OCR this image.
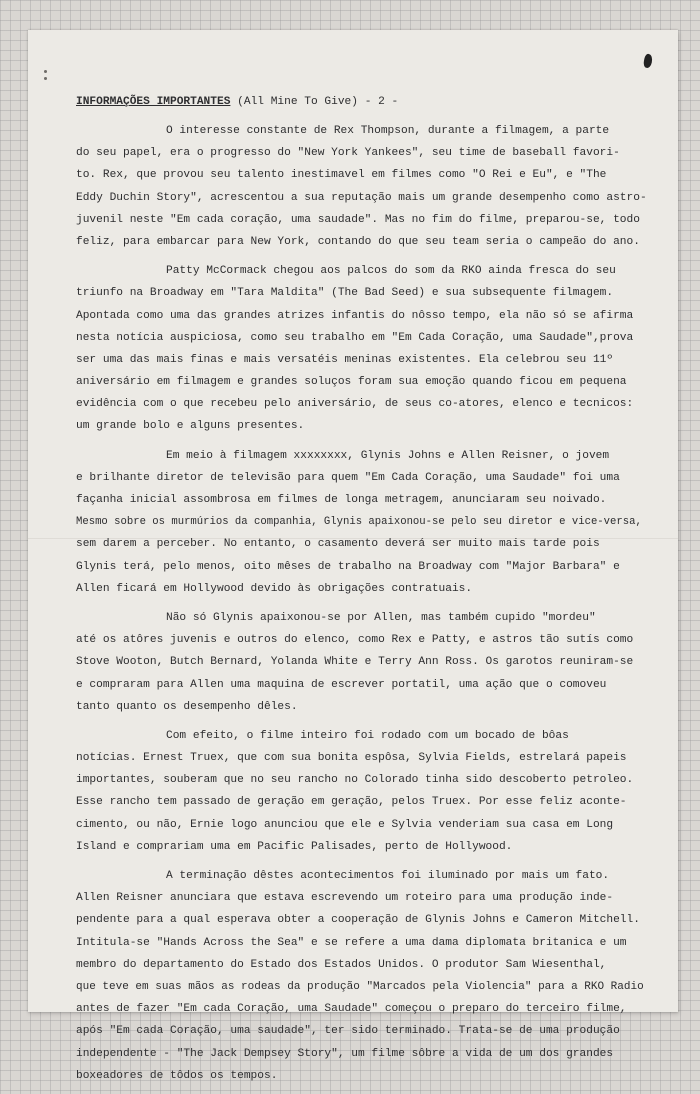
INFORMAÇÕES IMPORTANTES (All Mine To Give) - 2 -
O interesse constante de Rex Thompson, durante a filmagem, a parte
do seu papel, era o progresso do "New York Yankees", seu time de baseball favori-
to. Rex, que provou seu talento inestimavel em filmes como "O Rei e Eu", e "The
Eddy Duchin Story", acrescentou a sua reputação mais um grande desempenho como astro-
juvenil neste "Em cada coração, uma saudade". Mas no fim do filme, preparou-se, todo
feliz, para embarcar para New York, contando do que seu team seria o campeão do ano.
Patty McCormack chegou aos palcos do som da RKO ainda fresca do seu
triunfo na Broadway em "Tara Maldita" (The Bad Seed) e sua subsequente filmagem.
Apontada como uma das grandes atrizes infantis do nôsso tempo, ela não só se afirma
nesta notícia auspiciosa, como seu trabalho em "Em Cada Coração, uma Saudade",prova
ser uma das mais finas e mais versatéis meninas existentes. Ela celebrou seu 11º
aniversário em filmagem e grandes soluços foram sua emoção quando ficou em pequena
evidência com o que recebeu pelo aniversário, de seus co-atores, elenco e tecnicos:
um grande bolo e alguns presentes.
Em meio à filmagem xxxxxxxx, Glynis Johns e Allen Reisner, o jovem
e brilhante diretor de televisão para quem "Em Cada Coração, uma Saudade" foi uma
façanha inicial assombrosa em filmes de longa metragem, anunciaram seu noivado.
Mesmo sobre os murmúrios da companhia, Glynis apaixonou-se pelo seu diretor e vice-versa,
sem darem a perceber. No entanto, o casamento deverá ser muito mais tarde pois
Glynis terá, pelo menos, oito mêses de trabalho na Broadway com "Major Barbara" e
Allen ficará em Hollywood devido às obrigações contratuais.
Não só Glynis apaixonou-se por Allen, mas também cupido "mordeu"
até os atôres juvenis e outros do elenco, como Rex e Patty, e astros tão sutís como
Stove Wooton, Butch Bernard, Yolanda White e Terry Ann Ross. Os garotos reuniram-se
e compraram para Allen uma maquina de escrever portatil, uma ação que o comoveu
tanto quanto os desempenho dêles.
Com efeito, o filme inteiro foi rodado com um bocado de bôas
notícias. Ernest Truex, que com sua bonita espôsa, Sylvia Fields, estrelará papeis
importantes, souberam que no seu rancho no Colorado tinha sido descoberto petroleo.
Esse rancho tem passado de geração em geração, pelos Truex. Por esse feliz aconte-
cimento, ou não, Ernie logo anunciou que ele e Sylvia venderiam sua casa em Long
Island e comprariam uma em Pacific Palisades, perto de Hollywood.
A terminação dêstes acontecimentos foi iluminado por mais um fato.
Allen Reisner anunciara que estava escrevendo um roteiro para uma produção inde-
pendente para a qual esperava obter a cooperação de Glynis Johns e Cameron Mitchell.
Intitula-se "Hands Across the Sea" e se refere a uma dama diplomata britanica e um
membro do departamento do Estado dos Estados Unidos. O produtor Sam Wiesenthal,
que teve em suas mãos as rodeas da produção "Marcados pela Violencia" para a RKO Radio
antes de fazer "Em cada Coração, uma Saudade" começou o preparo do terceiro filme,
após "Em cada Coração, uma saudade", ter sido terminado. Trata-se de uma produção
independente - "The Jack Dempsey Story", um filme sôbre a vida de um dos grandes
boxeadores de tôdos os tempos.
